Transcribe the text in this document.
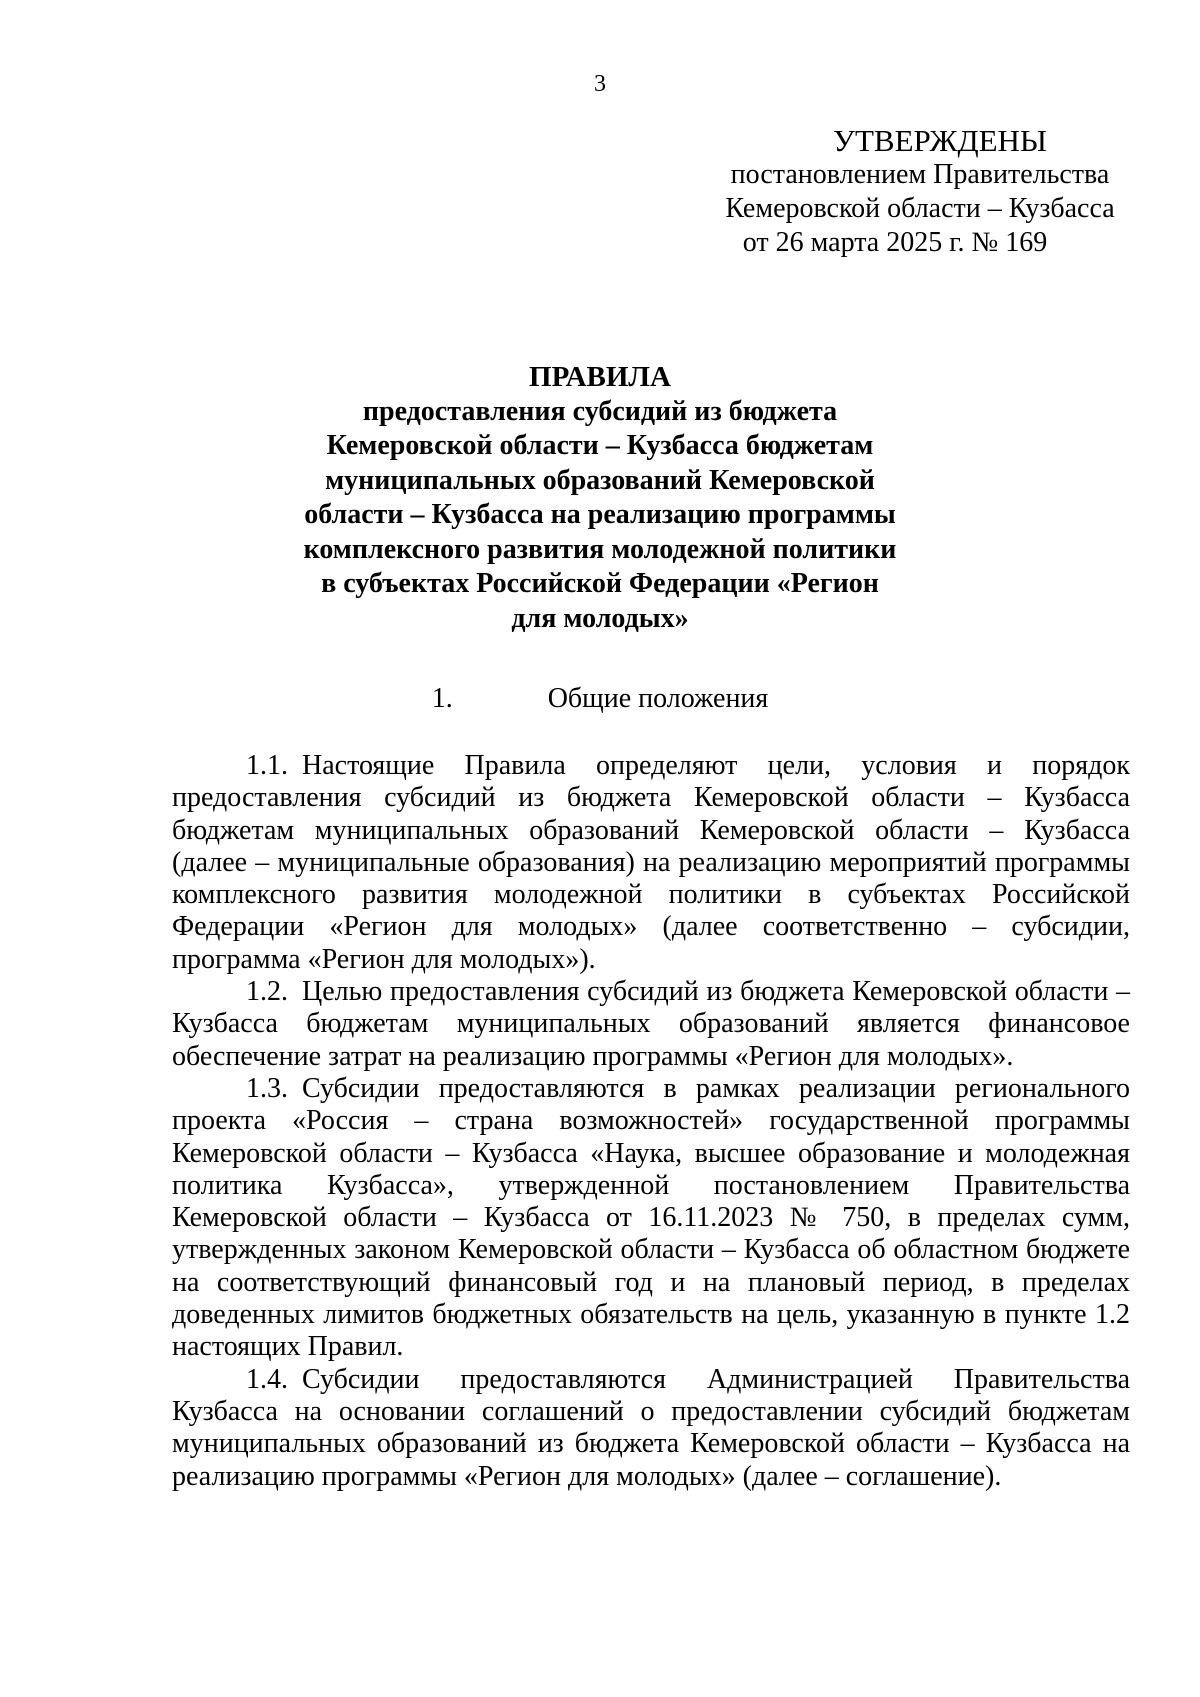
3
УТВЕРЖДЕНЫ
постановлением Правительства
Кемеровской области – Кузбасса
от 26 марта 2025 г. № 169
ПРАВИЛА
предоставления субсидий из бюджета
Кемеровской области – Кузбасса бюджетам
муниципальных образований Кемеровской
области – Кузбасса на реализацию программы
комплексного развития молодежной политики
в субъектах Российской Федерации «Регион
для молодых»
1.	Общие положения

1.1. Настоящие Правила определяют цели, условия и порядок предоставления субсидий из бюджета Кемеровской области – Кузбасса бюджетам муниципальных образований Кемеровской области – Кузбасса (далее – муниципальные образования) на реализацию мероприятий программы комплексного развития молодежной политики в субъектах Российской Федерации «Регион для молодых» (далее соответственно – субсидии, программа «Регион для молодых»).

1.2. Целью предоставления субсидий из бюджета Кемеровской области – Кузбасса бюджетам муниципальных образований является финансовое обеспечение затрат на реализацию программы «Регион для молодых».

1.3. Субсидии предоставляются в рамках реализации регионального проекта «Россия – страна возможностей» государственной программы Кемеровской области – Кузбасса «Наука, высшее образование и молодежная политика Кузбасса», утвержденной постановлением Правительства Кемеровской области – Кузбасса от 16.11.2023 № 750, в пределах сумм, утвержденных законом Кемеровской области – Кузбасса об областном бюджете на соответствующий финансовый год и на плановый период, в пределах доведенных лимитов бюджетных обязательств на цель, указанную в пункте 1.2 настоящих Правил.

1.4. Субсидии предоставляются Администрацией Правительства Кузбасса на основании соглашений о предоставлении субсидий бюджетам муниципальных образований из бюджета Кемеровской области – Кузбасса на реализацию программы «Регион для молодых» (далее – соглашение).
